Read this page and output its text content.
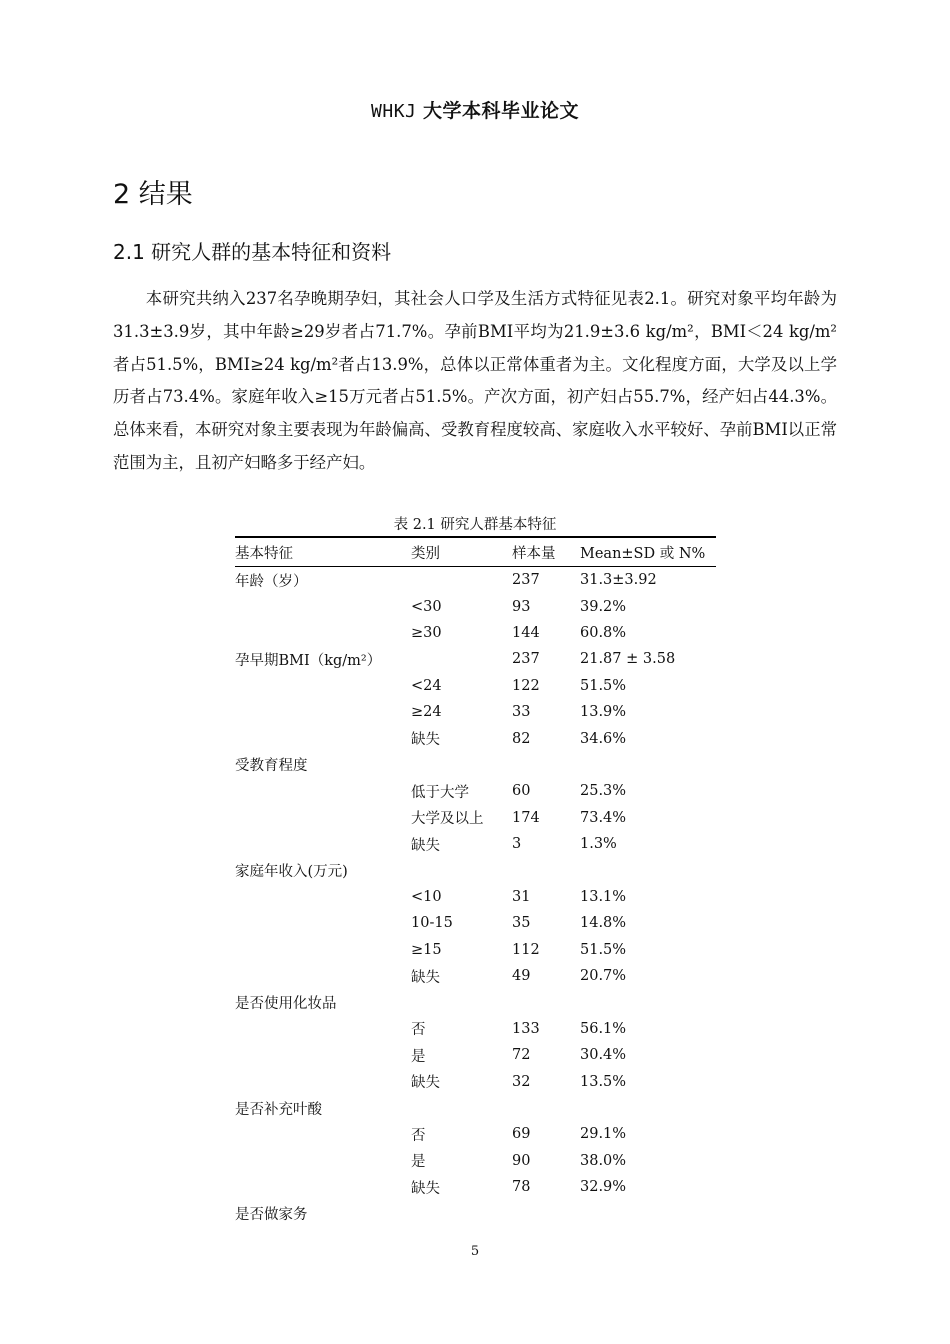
WHKJ 大学本科毕业论文
2 结果
2.1 研究人群的基本特征和资料

本研究共纳入237名孕晚期孕妇，其社会人口学及生活方式特征见表2.1。研究对象平均年龄为31.3±3.9岁，其中年龄≥29岁者占71.7%。孕前BMI平均为21.9±3.6 kg/m²，BMI＜24 kg/m²者占51.5%，BMI≥24 kg/m²者占13.9%，总体以正常体重者为主。文化程度方面，大学及以上学历者占73.4%。家庭年收入≥15万元者占51.5%。产次方面，初产妇占55.7%，经产妇占44.3%。总体来看，本研究对象主要表现为年龄偏高、受教育程度较高、家庭收入水平较好、孕前BMI以正常范围为主，且初产妇略多于经产妇。

表 2.1 研究人群基本特征
基本特征	类别	样本量	Mean±SD 或 N%
年龄（岁）		237	31.3±3.92
	<30	93	39.2%
	≥30	144	60.8%
孕早期BMI（kg/m²）		237	21.87 ± 3.58
	<24	122	51.5%
	≥24	33	13.9%
	缺失	82	34.6%
受教育程度			
	低于大学	60	25.3%
	大学及以上	174	73.4%
	缺失	3	1.3%
家庭年收入(万元)			
	<10	31	13.1%
	10-15	35	14.8%
	≥15	112	51.5%
	缺失	49	20.7%
是否使用化妆品			
	否	133	56.1%
	是	72	30.4%
	缺失	32	13.5%
是否补充叶酸			
	否	69	29.1%
	是	90	38.0%
	缺失	78	32.9%
是否做家务			
5
